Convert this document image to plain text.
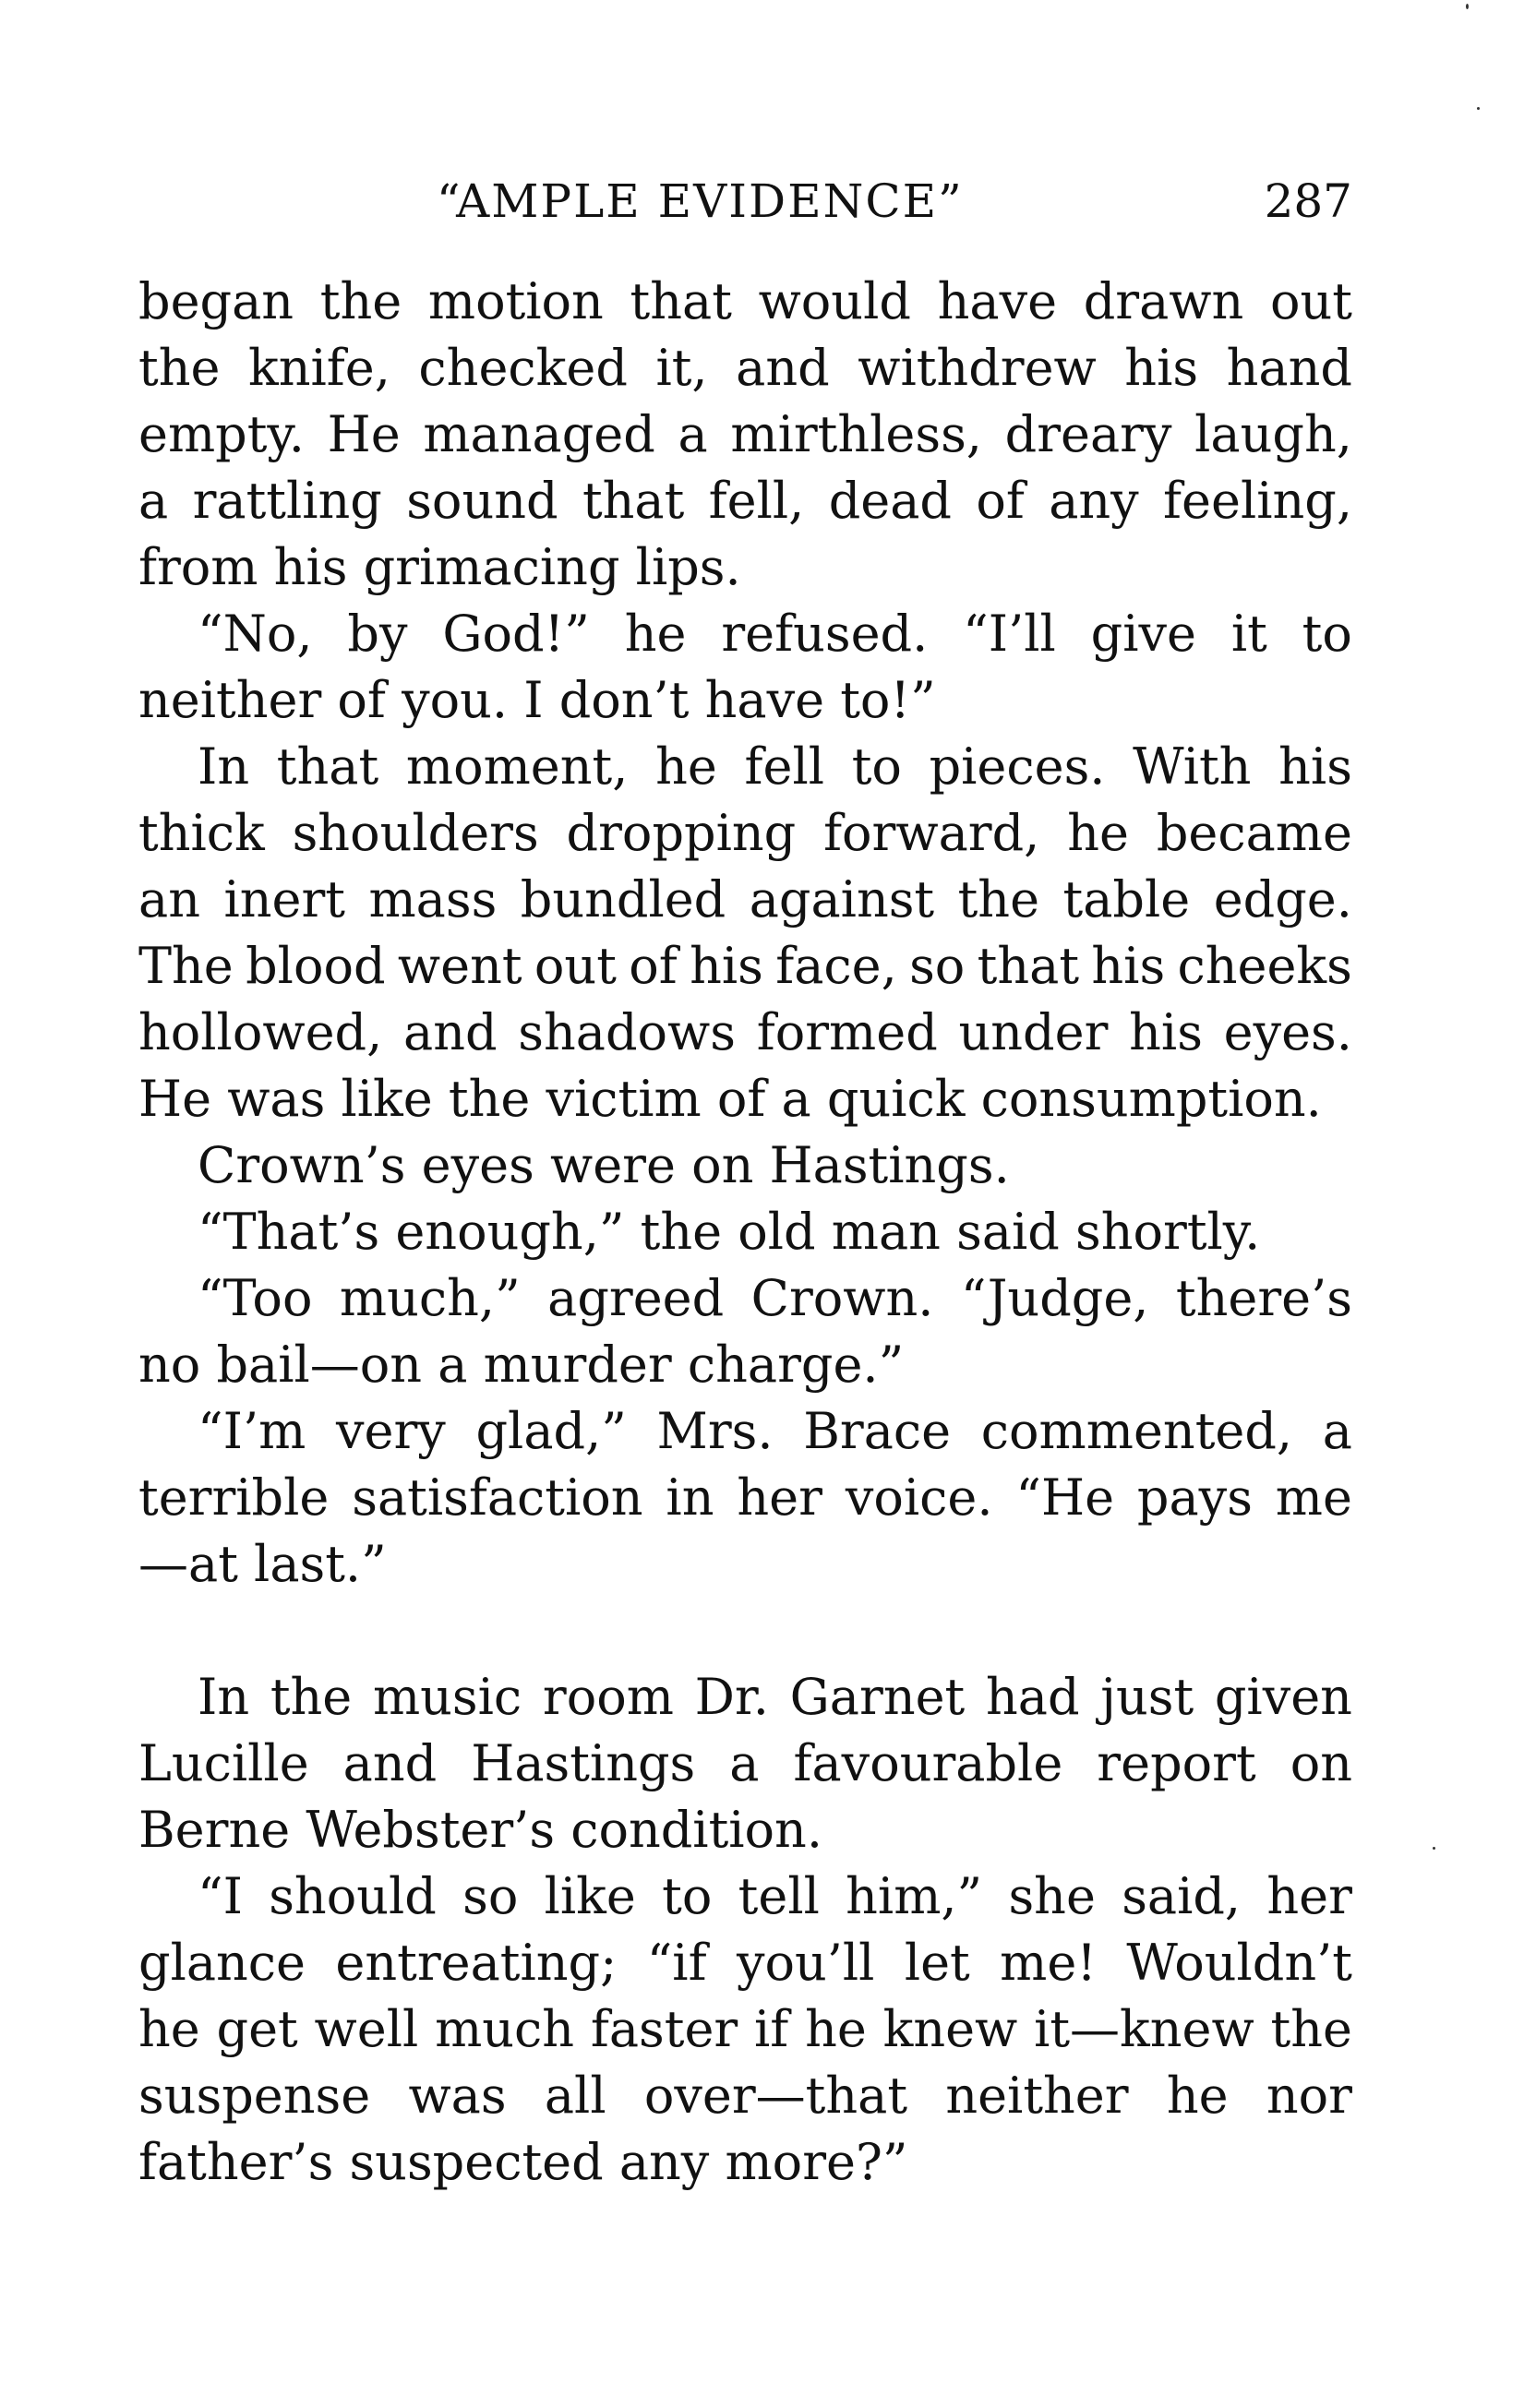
“AMPLE EVIDENCE”	287
began the motion that would have drawn out
the knife, checked it, and withdrew his hand
empty. He managed a mirthless, dreary laugh,
a rattling sound that fell, dead of any feeling,
from his grimacing lips.
“No, by God!” he refused. “I’ll give it to
neither of you. I don’t have to!”
In that moment, he fell to pieces. With his
thick shoulders dropping forward, he became
an inert mass bundled against the table edge.
The blood went out of his face, so that his cheeks
hollowed, and shadows formed under his eyes.
He was like the victim of a quick consumption.
Crown’s eyes were on Hastings.
“That’s enough,” the old man said shortly.
“Too much,” agreed Crown. “Judge, there’s
no bail—on a murder charge.”
“I’m very glad,” Mrs. Brace commented, a
terrible satisfaction in her voice. “He pays me
—at last.”
In the music room Dr. Garnet had just given
Lucille and Hastings a favourable report on
Berne Webster’s condition.
“I should so like to tell him,” she said, her
glance entreating; “if you’ll let me! Wouldn’t
he get well much faster if he knew it—knew the
suspense was all over—that neither he nor
father’s suspected any more?”
